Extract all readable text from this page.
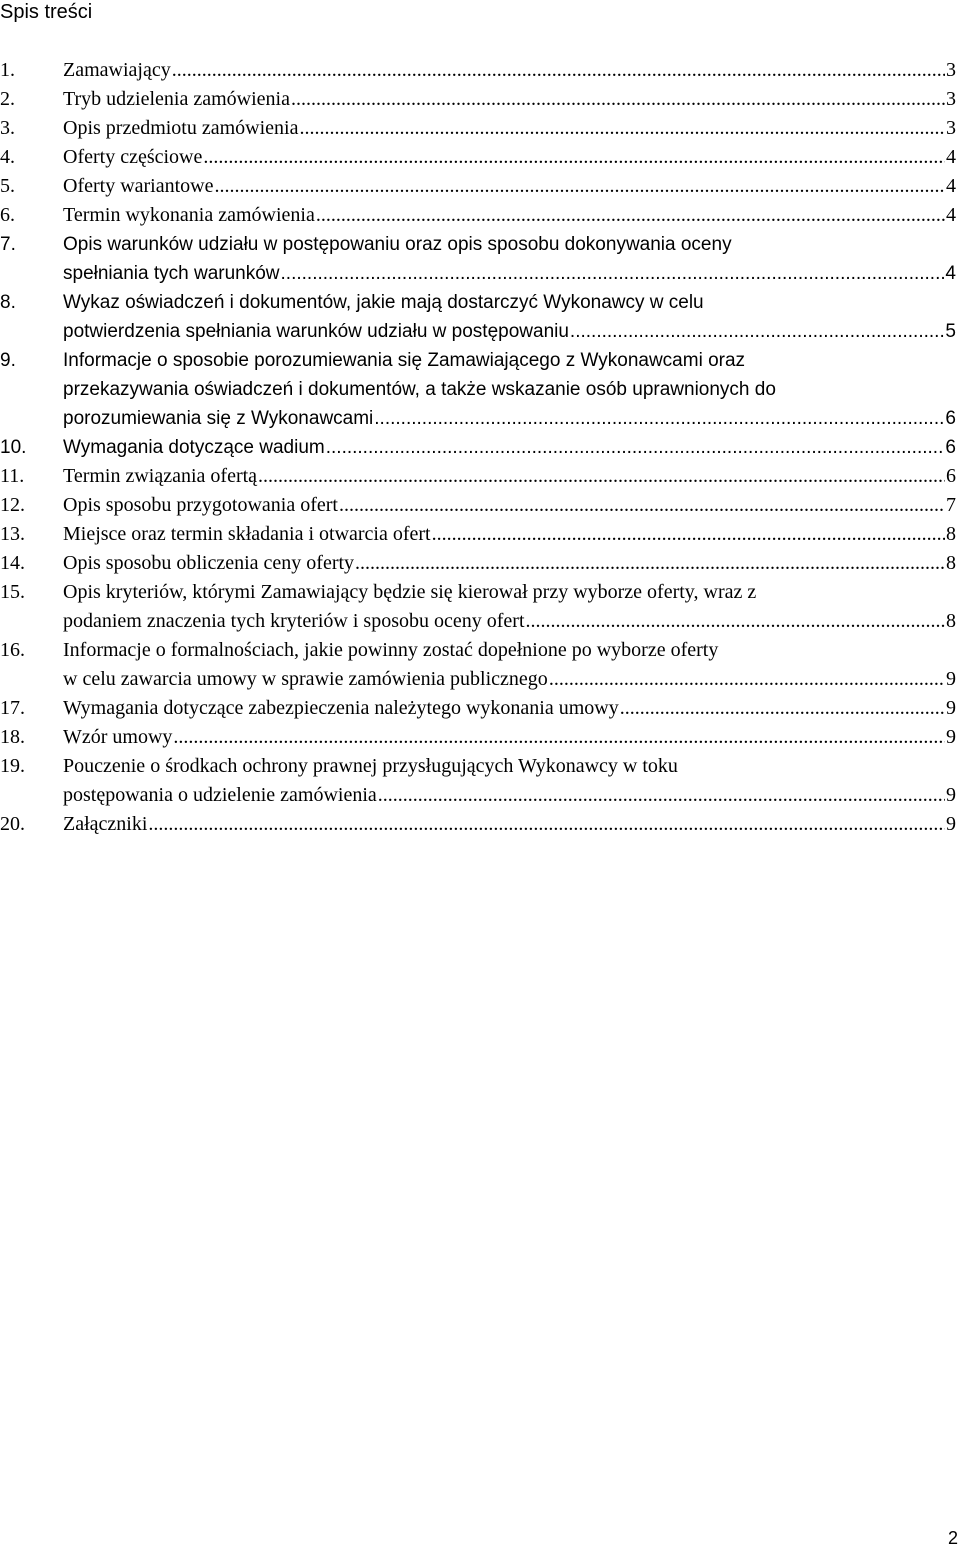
Spis treści
1. Zamawiający .....	3
2. Tryb udzielenia zamówienia .....	3
3. Opis przedmiotu zamówienia .....	3
4. Oferty częściowe .....	4
5. Oferty wariantowe .....	4
6. Termin wykonania zamówienia .....	4
7. Opis warunków udziału w postępowaniu oraz opis sposobu dokonywania oceny
spełniania tych warunków .....	4
8. Wykaz oświadczeń i dokumentów, jakie mają dostarczyć Wykonawcy w celu
potwierdzenia spełniania warunków udziału w postępowaniu .....	5
9. Informacje o sposobie porozumiewania się Zamawiającego z Wykonawcami oraz
przekazywania oświadczeń i dokumentów, a także wskazanie osób uprawnionych do
porozumiewania się z Wykonawcami .....	6
10. Wymagania dotyczące wadium .....	6
11. Termin związania ofertą .....	6
12. Opis sposobu przygotowania ofert .....	7
13. Miejsce oraz termin składania i otwarcia ofert .....	8
14. Opis sposobu obliczenia ceny oferty .....	8
15. Opis kryteriów, którymi Zamawiający będzie się kierował przy wyborze oferty, wraz z
podaniem znaczenia tych kryteriów i sposobu oceny ofert .....	8
16. Informacje o formalnościach, jakie powinny zostać dopełnione po wyborze oferty
w celu zawarcia umowy w sprawie zamówienia publicznego .....	9
17. Wymagania dotyczące zabezpieczenia należytego wykonania umowy .....	9
18. Wzór umowy .....	9
19. Pouczenie o środkach ochrony prawnej przysługujących Wykonawcy w toku
postępowania o udzielenie zamówienia .....	9
20. Załączniki .....	9
2
